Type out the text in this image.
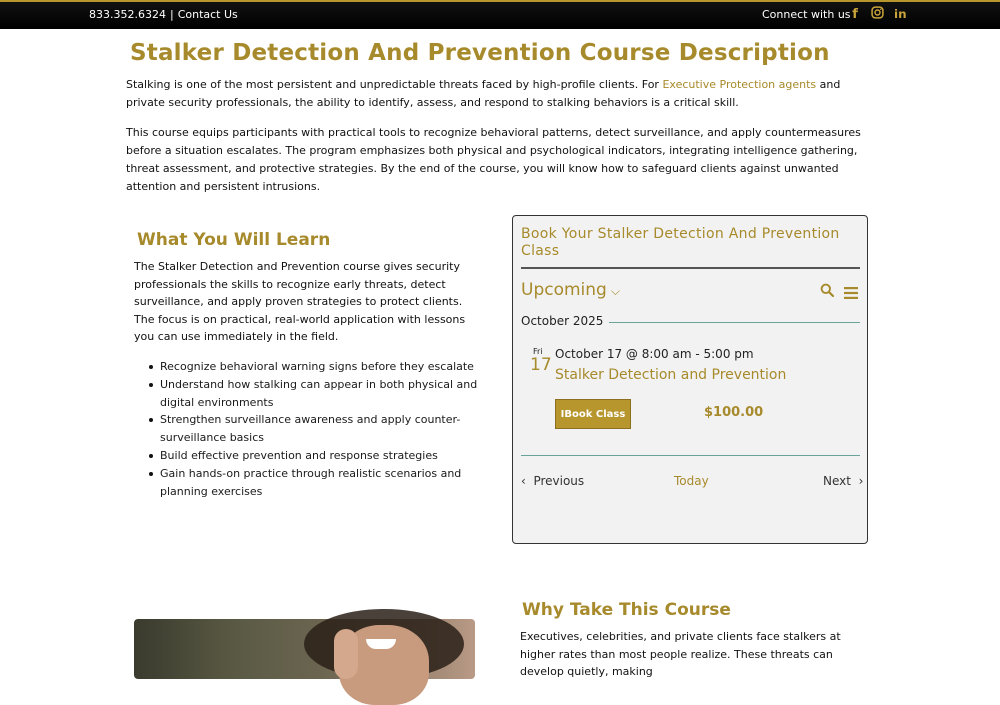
833.352.6324 | Contact Us	Connect with us f	in
Stalker Detection And Prevention Course Description

Stalking is one of the most persistent and unpredictable threats faced by high-profile clients. For Executive Protection agents and private security professionals, the ability to identify, assess, and respond to stalking behaviors is a critical skill.

This course equips participants with practical tools to recognize behavioral patterns, detect surveillance, and apply countermeasures before a situation escalates. The program emphasizes both physical and psychological indicators, integrating intelligence gathering, threat assessment, and protective strategies. By the end of the course, you will know how to safeguard clients against unwanted attention and persistent intrusions.

What You Will Learn

The Stalker Detection and Prevention course gives security professionals the skills to recognize early threats, detect surveillance, and apply proven strategies to protect clients. The focus is on practical, real-world application with lessons you can use immediately in the field.

Recognize behavioral warning signs before they escalate
Understand how stalking can appear in both physical and digital environments
Strengthen surveillance awareness and apply counter-surveillance basics
Build effective prevention and response strategies
Gain hands-on practice through realistic scenarios and planning exercises
Book Your Stalker Detection And Prevention Class
Upcoming ⌵
October 2025
Fri
17
October 17 @ 8:00 am - 5:00 pm
Stalker Detection and Prevention
IBook Class	$100.00
‹ Previous	Today	Next ›
Why Take This Course

Executives, celebrities, and private clients face stalkers at higher rates than most people realize. These threats can develop quietly, making
